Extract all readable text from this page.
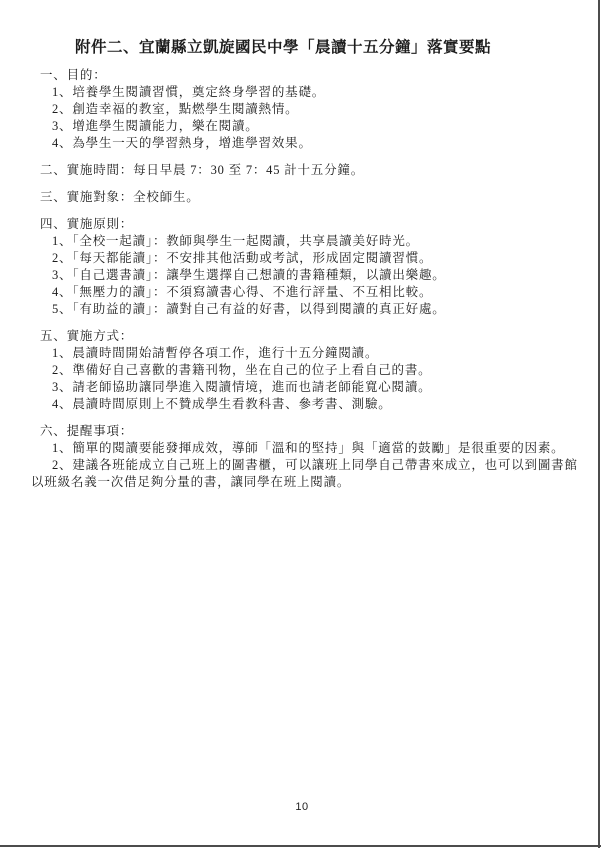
附件二、宜蘭縣立凱旋國民中學「晨讀十五分鐘」落實要點
一、目的：
1、培養學生閱讀習慣，奠定終身學習的基礎。
2、創造幸福的教室，點燃學生閱讀熱情。
3、增進學生閱讀能力，樂在閱讀。
4、為學生一天的學習熱身，增進學習效果。
二、實施時間：每日早晨 7：30 至 7：45 計十五分鐘。
三、實施對象：全校師生。
四、實施原則：
1、「全校一起讀」：教師與學生一起閱讀，共享晨讀美好時光。
2、「每天都能讀」：不安排其他活動或考試，形成固定閱讀習慣。
3、「自己選書讀」：讓學生選擇自己想讀的書籍種類，以讀出樂趣。
4、「無壓力的讀」：不須寫讀書心得、不進行評量、不互相比較。
5、「有助益的讀」：讀對自己有益的好書，以得到閱讀的真正好處。
五、實施方式：
1、晨讀時間開始請暫停各項工作，進行十五分鐘閱讀。
2、準備好自己喜歡的書籍刊物，坐在自己的位子上看自己的書。
3、請老師協助讓同學進入閱讀情境，進而也請老師能寬心閱讀。
4、晨讀時間原則上不贊成學生看教科書、參考書、測驗。
六、提醒事項：
1、簡單的閱讀要能發揮成效，導師「溫和的堅持」與「適當的鼓勵」是很重要的因素。
2、建議各班能成立自己班上的圖書櫃，可以讓班上同學自己帶書來成立，也可以到圖書館以班級名義一次借足夠分量的書，讓同學在班上閱讀。
10
